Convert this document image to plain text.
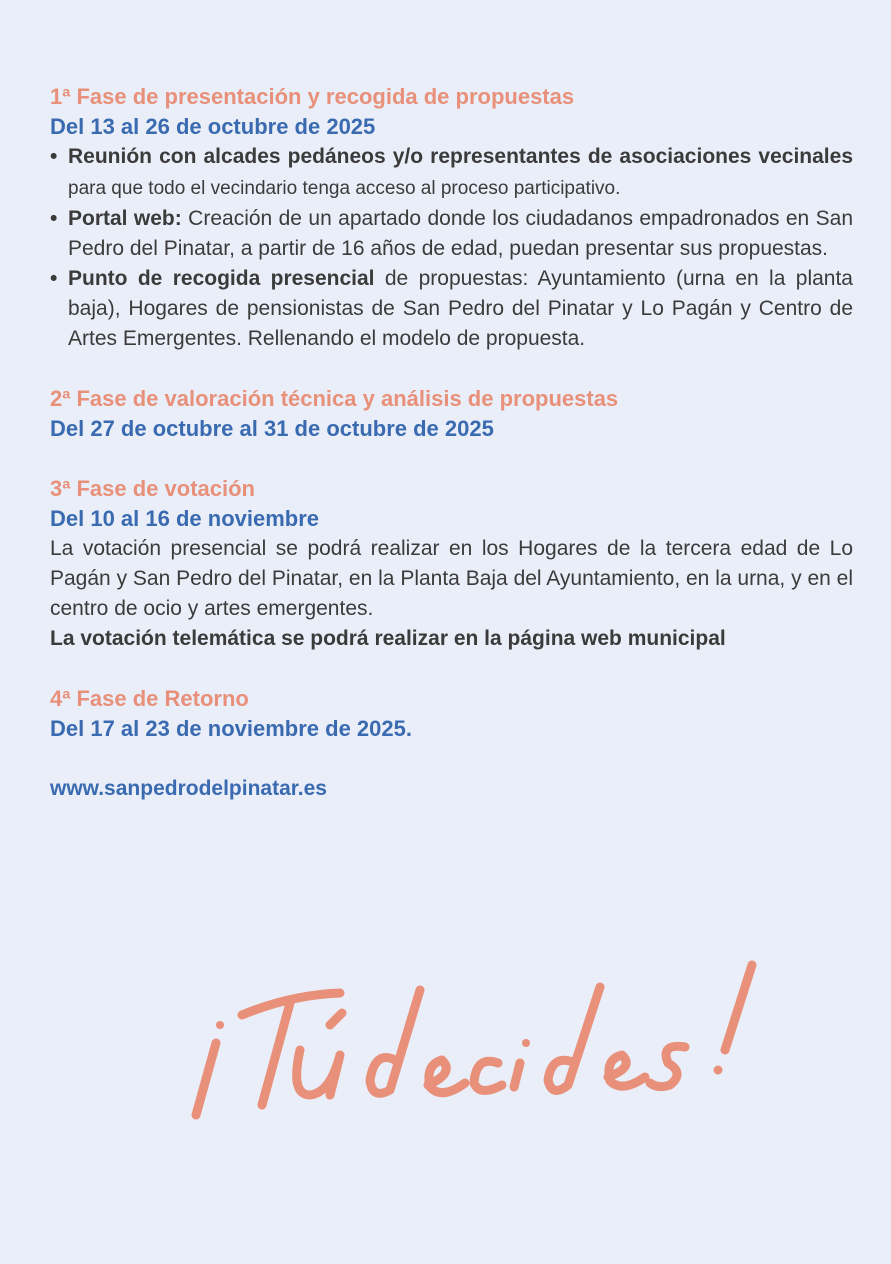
1ª Fase de presentación y recogida de propuestas
Del 13 al 26 de octubre de 2025
• Reunión con alcades pedáneos y/o representantes de asociaciones vecinales para que todo el vecindario tenga acceso al proceso participativo.
• Portal web: Creación de un apartado donde los ciudadanos empadronados en San Pedro del Pinatar, a partir de 16 años de edad, puedan presentar sus propuestas.
• Punto de recogida presencial de propuestas: Ayuntamiento (urna en la planta baja), Hogares de pensionistas de San Pedro del Pinatar y Lo Pagán y Centro de Artes Emergentes. Rellenando el modelo de propuesta.
2ª Fase de valoración técnica y análisis de propuestas
Del 27 de octubre al 31 de octubre de 2025
3ª Fase de votación
Del 10 al 16 de noviembre

La votación presencial se podrá realizar en los Hogares de la tercera edad de Lo Pagán y San Pedro del Pinatar, en la Planta Baja del Ayuntamiento, en la urna, y en el centro de ocio y artes emergentes.

La votación telemática se podrá realizar en la página web municipal

4ª Fase de Retorno
Del 17 al 23 de noviembre de 2025.

www.sanpedrodelpinatar.es
